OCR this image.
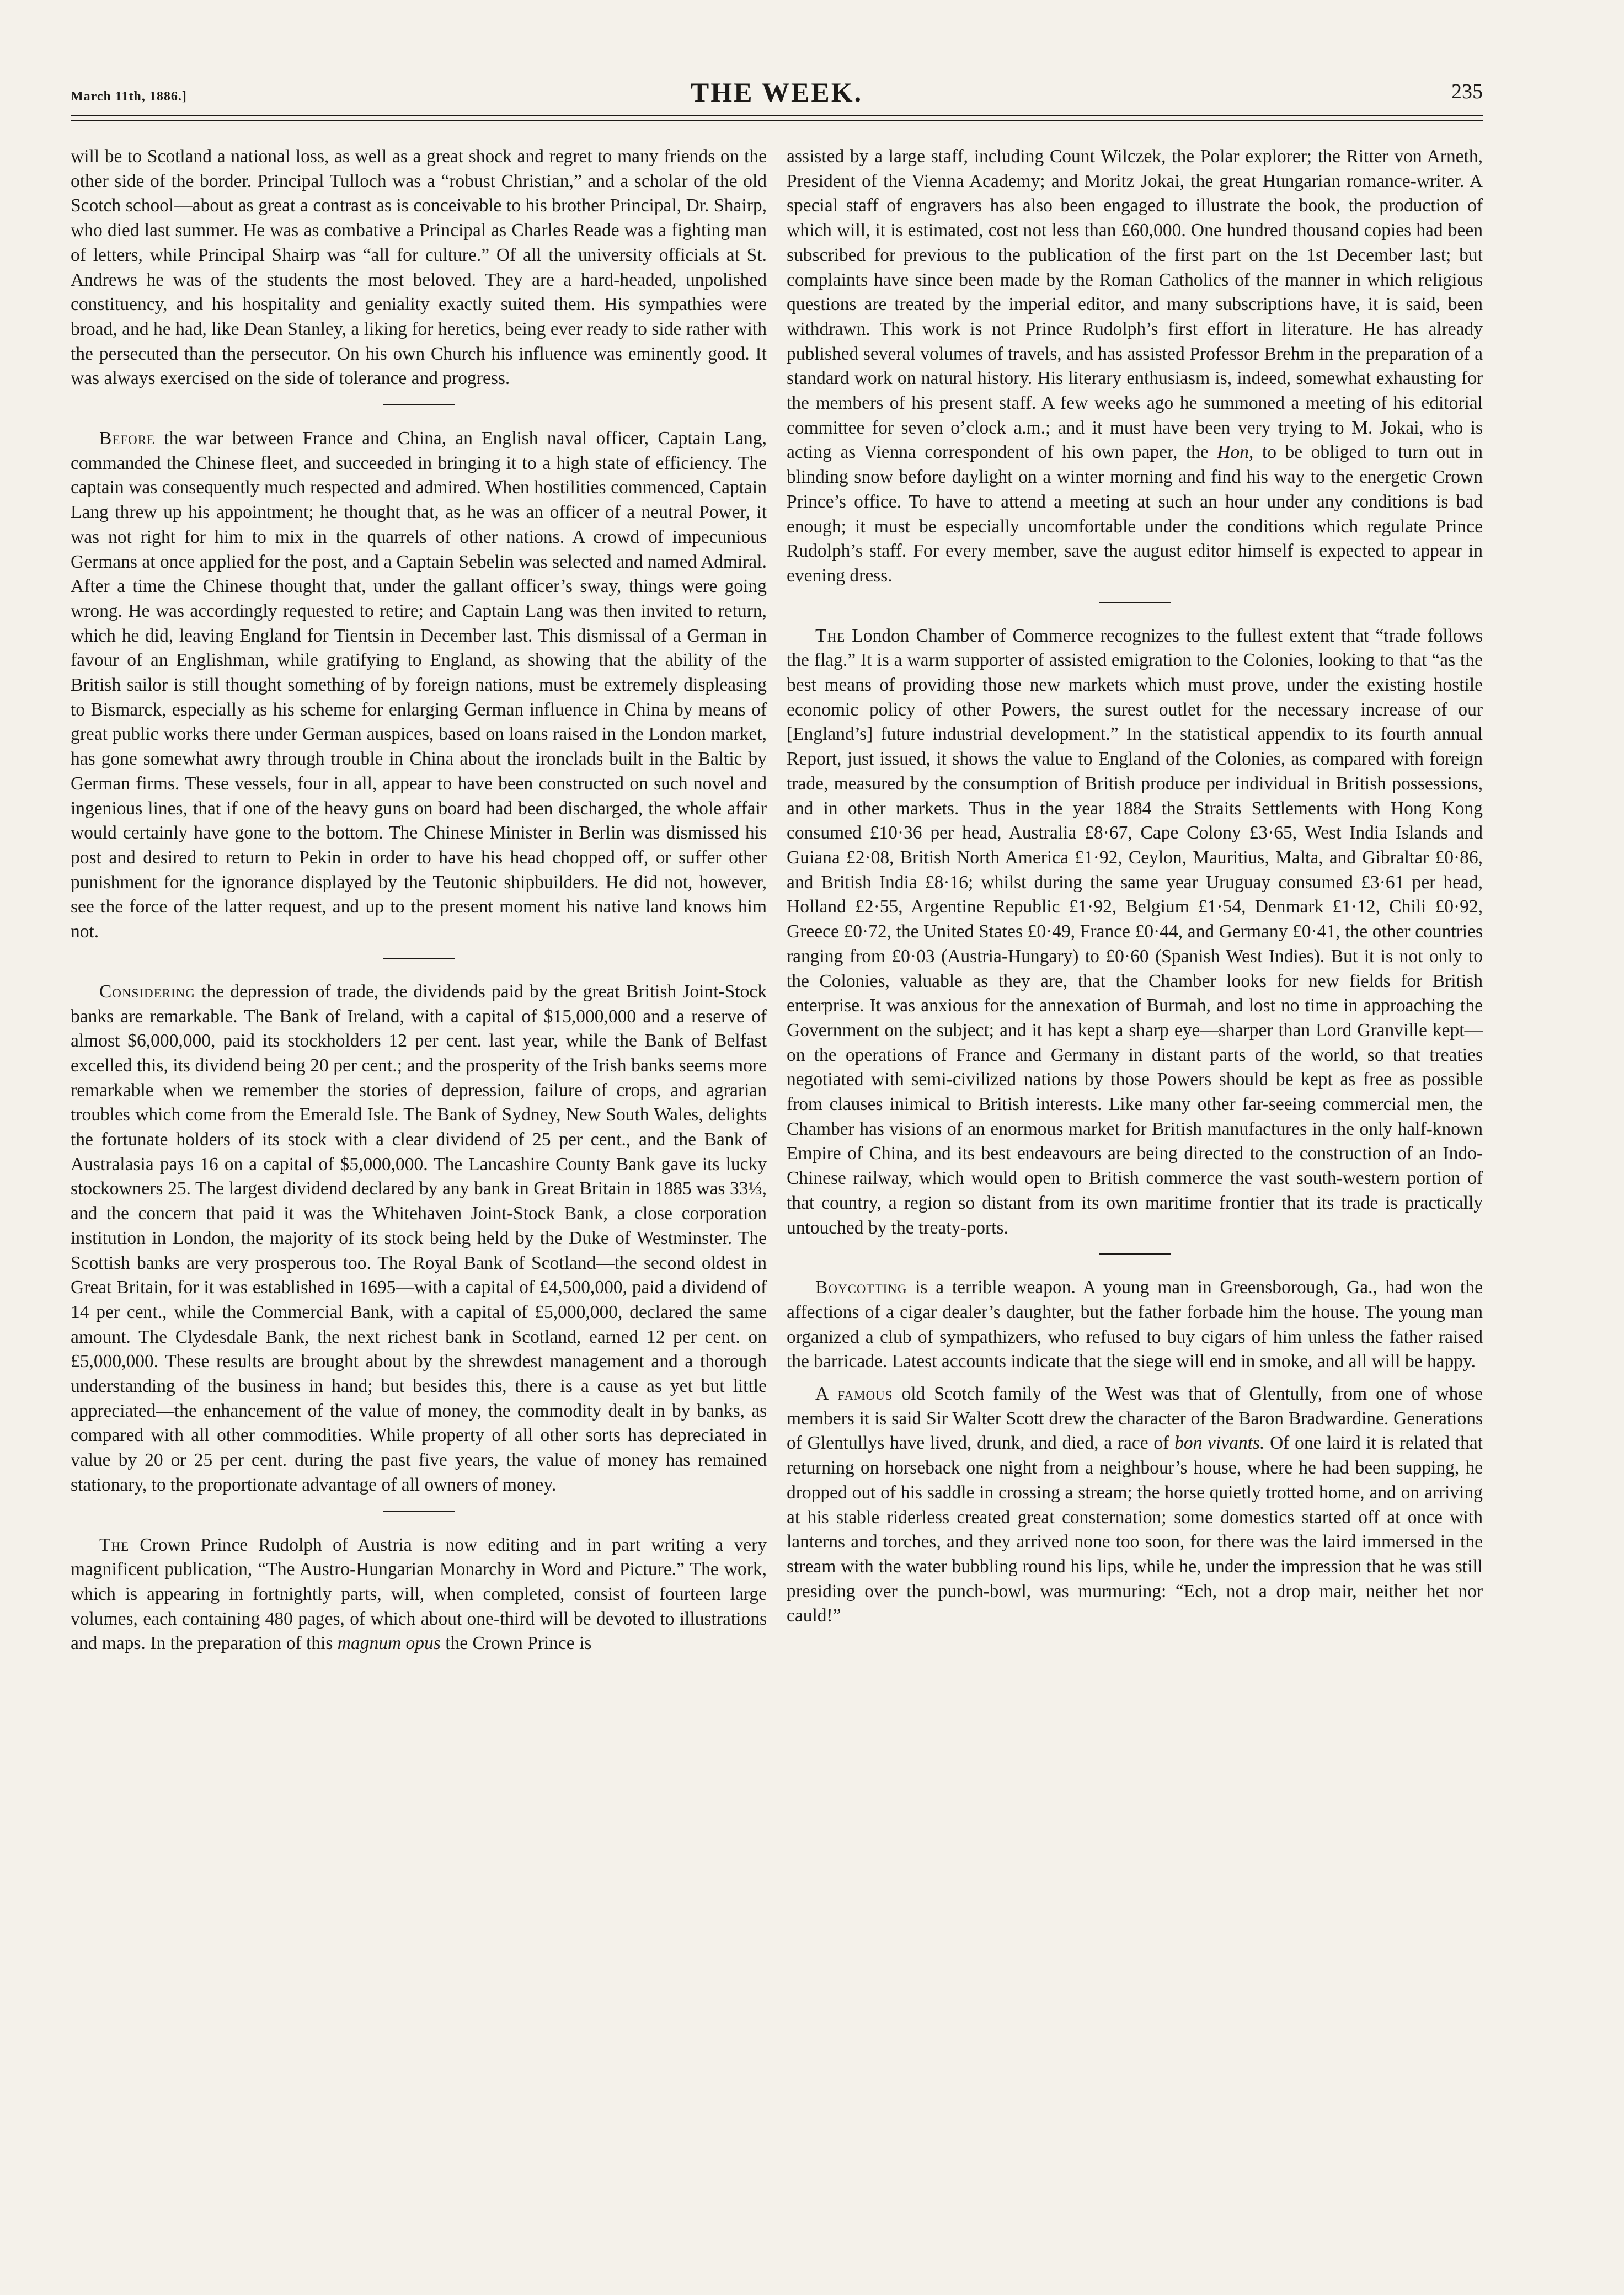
March 11th, 1886.]	THE WEEK.	235

will be to Scotland a national loss, as well as a great shock and regret to many friends on the other side of the border. Principal Tulloch was a “robust Christian,” and a scholar of the old Scotch school—about as great a contrast as is conceivable to his brother Principal, Dr. Shairp, who died last summer. He was as combative a Principal as Charles Reade was a fighting man of letters, while Principal Shairp was “all for culture.” Of all the university officials at St. Andrews he was of the students the most beloved. They are a hard-headed, unpolished constituency, and his hospitality and geniality exactly suited them. His sympathies were broad, and he had, like Dean Stanley, a liking for heretics, being ever ready to side rather with the persecuted than the persecutor. On his own Church his influence was eminently good. It was always exercised on the side of tolerance and progress.

Before the war between France and China, an English naval officer, Captain Lang, commanded the Chinese fleet, and succeeded in bringing it to a high state of efficiency. The captain was consequently much respected and admired. When hostilities commenced, Captain Lang threw up his appointment; he thought that, as he was an officer of a neutral Power, it was not right for him to mix in the quarrels of other nations. A crowd of impecunious Germans at once applied for the post, and a Captain Sebelin was selected and named Admiral. After a time the Chinese thought that, under the gallant officer’s sway, things were going wrong. He was accordingly requested to retire; and Captain Lang was then invited to return, which he did, leaving England for Tientsin in December last. This dismissal of a German in favour of an Englishman, while gratifying to England, as showing that the ability of the British sailor is still thought something of by foreign nations, must be extremely displeasing to Bismarck, especially as his scheme for enlarging German influence in China by means of great public works there under German auspices, based on loans raised in the London market, has gone somewhat awry through trouble in China about the ironclads built in the Baltic by German firms. These vessels, four in all, appear to have been constructed on such novel and ingenious lines, that if one of the heavy guns on board had been discharged, the whole affair would certainly have gone to the bottom. The Chinese Minister in Berlin was dismissed his post and desired to return to Pekin in order to have his head chopped off, or suffer other punishment for the ignorance displayed by the Teutonic shipbuilders. He did not, however, see the force of the latter request, and up to the present moment his native land knows him not.

Considering the depression of trade, the dividends paid by the great British Joint-Stock banks are remarkable. The Bank of Ireland, with a capital of $15,000,000 and a reserve of almost $6,000,000, paid its stockholders 12 per cent. last year, while the Bank of Belfast excelled this, its dividend being 20 per cent.; and the prosperity of the Irish banks seems more remarkable when we remember the stories of depression, failure of crops, and agrarian troubles which come from the Emerald Isle. The Bank of Sydney, New South Wales, delights the fortunate holders of its stock with a clear dividend of 25 per cent., and the Bank of Australasia pays 16 on a capital of $5,000,000. The Lancashire County Bank gave its lucky stockowners 25. The largest dividend declared by any bank in Great Britain in 1885 was 33⅓, and the concern that paid it was the Whitehaven Joint-Stock Bank, a close corporation institution in London, the majority of its stock being held by the Duke of Westminster. The Scottish banks are very prosperous too. The Royal Bank of Scotland—the second oldest in Great Britain, for it was established in 1695—with a capital of £4,500,000, paid a dividend of 14 per cent., while the Commercial Bank, with a capital of £5,000,000, declared the same amount. The Clydesdale Bank, the next richest bank in Scotland, earned 12 per cent. on £5,000,000. These results are brought about by the shrewdest management and a thorough understanding of the business in hand; but besides this, there is a cause as yet but little appreciated—the enhancement of the value of money, the commodity dealt in by banks, as compared with all other commodities. While property of all other sorts has depreciated in value by 20 or 25 per cent. during the past five years, the value of money has remained stationary, to the proportionate advantage of all owners of money.

The Crown Prince Rudolph of Austria is now editing and in part writing a very magnificent publication, “The Austro-Hungarian Monarchy in Word and Picture.” The work, which is appearing in fortnightly parts, will, when completed, consist of fourteen large volumes, each containing 480 pages, of which about one-third will be devoted to illustrations and maps. In the preparation of this magnum opus the Crown Prince is

assisted by a large staff, including Count Wilczek, the Polar explorer; the Ritter von Arneth, President of the Vienna Academy; and Moritz Jokai, the great Hungarian romance-writer. A special staff of engravers has also been engaged to illustrate the book, the production of which will, it is estimated, cost not less than £60,000. One hundred thousand copies had been subscribed for previous to the publication of the first part on the 1st December last; but complaints have since been made by the Roman Catholics of the manner in which religious questions are treated by the imperial editor, and many subscriptions have, it is said, been withdrawn. This work is not Prince Rudolph’s first effort in literature. He has already published several volumes of travels, and has assisted Professor Brehm in the preparation of a standard work on natural history. His literary enthusiasm is, indeed, somewhat exhausting for the members of his present staff. A few weeks ago he summoned a meeting of his editorial committee for seven o’clock a.m.; and it must have been very trying to M. Jokai, who is acting as Vienna correspondent of his own paper, the Hon, to be obliged to turn out in blinding snow before daylight on a winter morning and find his way to the energetic Crown Prince’s office. To have to attend a meeting at such an hour under any conditions is bad enough; it must be especially uncomfortable under the conditions which regulate Prince Rudolph’s staff. For every member, save the august editor himself is expected to appear in evening dress.

The London Chamber of Commerce recognizes to the fullest extent that “trade follows the flag.” It is a warm supporter of assisted emigration to the Colonies, looking to that “as the best means of providing those new markets which must prove, under the existing hostile economic policy of other Powers, the surest outlet for the necessary increase of our [England’s] future industrial development.” In the statistical appendix to its fourth annual Report, just issued, it shows the value to England of the Colonies, as compared with foreign trade, measured by the consumption of British produce per individual in British possessions, and in other markets. Thus in the year 1884 the Straits Settlements with Hong Kong consumed £10·36 per head, Australia £8·67, Cape Colony £3·65, West India Islands and Guiana £2·08, British North America £1·92, Ceylon, Mauritius, Malta, and Gibraltar £0·86, and British India £8·16; whilst during the same year Uruguay consumed £3·61 per head, Holland £2·55, Argentine Republic £1·92, Belgium £1·54, Denmark £1·12, Chili £0·92, Greece £0·72, the United States £0·49, France £0·44, and Germany £0·41, the other countries ranging from £0·03 (Austria-Hungary) to £0·60 (Spanish West Indies). But it is not only to the Colonies, valuable as they are, that the Chamber looks for new fields for British enterprise. It was anxious for the annexation of Burmah, and lost no time in approaching the Government on the subject; and it has kept a sharp eye—sharper than Lord Granville kept—on the operations of France and Germany in distant parts of the world, so that treaties negotiated with semi-civilized nations by those Powers should be kept as free as possible from clauses inimical to British interests. Like many other far-seeing commercial men, the Chamber has visions of an enormous market for British manufactures in the only half-known Empire of China, and its best endeavours are being directed to the construction of an Indo-Chinese railway, which would open to British commerce the vast south-western portion of that country, a region so distant from its own maritime frontier that its trade is practically untouched by the treaty-ports.

Boycotting is a terrible weapon. A young man in Greensborough, Ga., had won the affections of a cigar dealer’s daughter, but the father forbade him the house. The young man organized a club of sympathizers, who refused to buy cigars of him unless the father raised the barricade. Latest accounts indicate that the siege will end in smoke, and all will be happy.

A famous old Scotch family of the West was that of Glentully, from one of whose members it is said Sir Walter Scott drew the character of the Baron Bradwardine. Generations of Glentullys have lived, drunk, and died, a race of bon vivants. Of one laird it is related that returning on horseback one night from a neighbour’s house, where he had been supping, he dropped out of his saddle in crossing a stream; the horse quietly trotted home, and on arriving at his stable riderless created great consternation; some domestics started off at once with lanterns and torches, and they arrived none too soon, for there was the laird immersed in the stream with the water bubbling round his lips, while he, under the impression that he was still presiding over the punch-bowl, was murmuring: “Ech, not a drop mair, neither het nor cauld!”
